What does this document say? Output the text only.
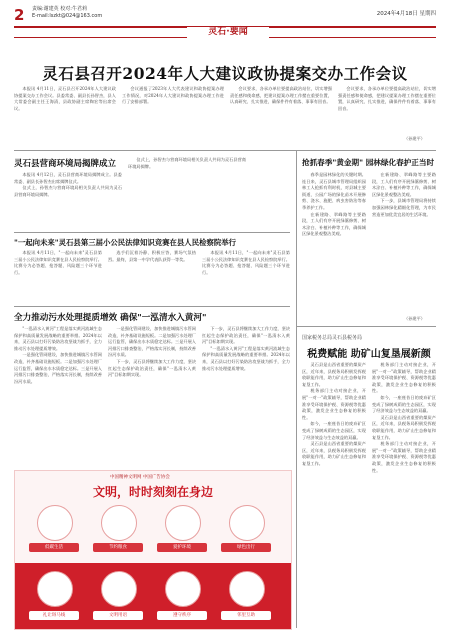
2 责编:谢建英 校对:牛君莉
E-mail:lszkt@024@163.com	2024年4月18日 星期四
灵石·要闻
灵石县召开2024年人大建议政协提案交办工作会议

本报讯 4月11日，灵石县召开2024年人大建议政协提案交办工作会议。县委常委、副县长孙智杰，县人大常委会副主任王海清，县政协副主席陶宏等出席会议。

会议通报了2023年人大代表建议和政协提案办理工作情况，对2024年人大建议和政协提案办理工作进行了安排部署。

会议要求，各承办单位要提高政治站位，切实增强责任感和使命感，把建议提案办理工作摆在重要位置，认真研究、扎实推进，确保件件有着落、事事有回音。

会议要求，各承办单位要提高政治站位，切实增强责任感和使命感，把建议提案办理工作摆在重要位置，认真研究、扎实推进，确保件件有着落、事事有回音。

（孙建平）
灵石县营商环境局揭牌成立

本报讯 4月12日，灵石县营商环境局揭牌成立。县委常委、副县长孙智杰出席揭牌仪式。

仪式上，孙智杰与营商环境局相关负责人共同为灵石县营商环境局揭牌。

仪式上，孙智杰与营商环境局相关负责人共同为灵石县营商环境局揭牌。

"一起向未来"灵石县第三届小公民法律知识竞赛在县人民检察院举行

本报讯 4月11日，"一起向未来"灵石县第三届小公民法律知识竞赛在县人民检察院举行。比赛分为必答题、抢答题、风险题三个环节进行。

选手们沉着冷静、积极应答，赛场气氛热烈。最终，县第一中学代表队获得一等奖。

本报讯 4月11日，"一起向未来"灵石县第三届小公民法律知识竞赛在县人民检察院举行。比赛分为必答题、抢答题、风险题三个环节进行。

全力推动污水处理提质增效 确保"一泓清水入黄河"

"一泓清水入黄河"工程是落实黄河流域生态保护和高质量发展战略的重要举措。2024年以来，灵石县以打好污染防治攻坚战为抓手，全力推动污水处理提质增效。

一是强化管网建设，加快推进城镇污水管网改造，补齐基础设施短板。二是加强污水处理厂运行监管，确保出水水质稳定达标。三是开展入河排污口排查整治，严格落实河长制，持续改善汾河水质。

一是强化管网建设，加快推进城镇污水管网改造，补齐基础设施短板。二是加强污水处理厂运行监管，确保出水水质稳定达标。三是开展入河排污口排查整治，严格落实河长制，持续改善汾河水质。

下一步，灵石县将继续加大工作力度，坚决扛起生态保护政治责任，确保"一泓清水入黄河"目标如期实现。

下一步，灵石县将继续加大工作力度，坚决扛起生态保护政治责任，确保"一泓清水入黄河"目标如期实现。

"一泓清水入黄河"工程是落实黄河流域生态保护和高质量发展战略的重要举措。2024年以来，灵石县以打好污染防治攻坚战为抓手，全力推动污水处理提质增效。

抢抓春季"黄金期" 园林绿化春护正当时

春季是园林绿化的关键时期。连日来，灵石县城市管理局组织园林工人抢抓有利时机，对县城主要街道、公园广场的绿化苗木开展修剪、浇水、施肥、病虫害防治等春季养护工作。

在新建路、翠峰路等主要路段，工人们有序开展绿篱修剪、树木涂白、补植补种等工作，确保城区绿化景观整洁美观。

在新建路、翠峰路等主要路段，工人们有序开展绿篱修剪、树木涂白、补植补种等工作，确保城区绿化景观整洁美观。

下一步，县城市管理局将持续加强园林绿化精细化管理，为市民营造更加优美宜居的生活环境。

（孙建平）
国家税务总局灵石县税务局
税费赋能 助矿山复垦展新颜

灵石县是山西省重要的煤炭产区，近年来，县税务局积极发挥税收职能作用，助力矿山生态修复和复垦工作。

税务部门主动对接企业，开展"一对一"政策辅导，帮助企业精准享受环境保护税、资源税等优惠政策，激发企业生态修复的积极性。

如今，一座座昔日的废弃矿区变成了绿树成荫的生态园区，实现了经济效益与生态效益的双赢。

灵石县是山西省重要的煤炭产区，近年来，县税务局积极发挥税收职能作用，助力矿山生态修复和复垦工作。

税务部门主动对接企业，开展"一对一"政策辅导，帮助企业精准享受环境保护税、资源税等优惠政策，激发企业生态修复的积极性。

如今，一座座昔日的废弃矿区变成了绿树成荫的生态园区，实现了经济效益与生态效益的双赢。

灵石县是山西省重要的煤炭产区，近年来，县税务局积极发挥税收职能作用，助力矿山生态修复和复垦工作。

税务部门主动对接企业，开展"一对一"政策辅导，帮助企业精准享受环境保护税、资源税等优惠政策，激发企业生态修复的积极性。

中国精神文明网 中国广告协会
文明，时时刻刻在身边
低碳生活	节约粮食	爱护环境	绿色出行
礼让斑马线	文明用语	遵守秩序	邻里互助
